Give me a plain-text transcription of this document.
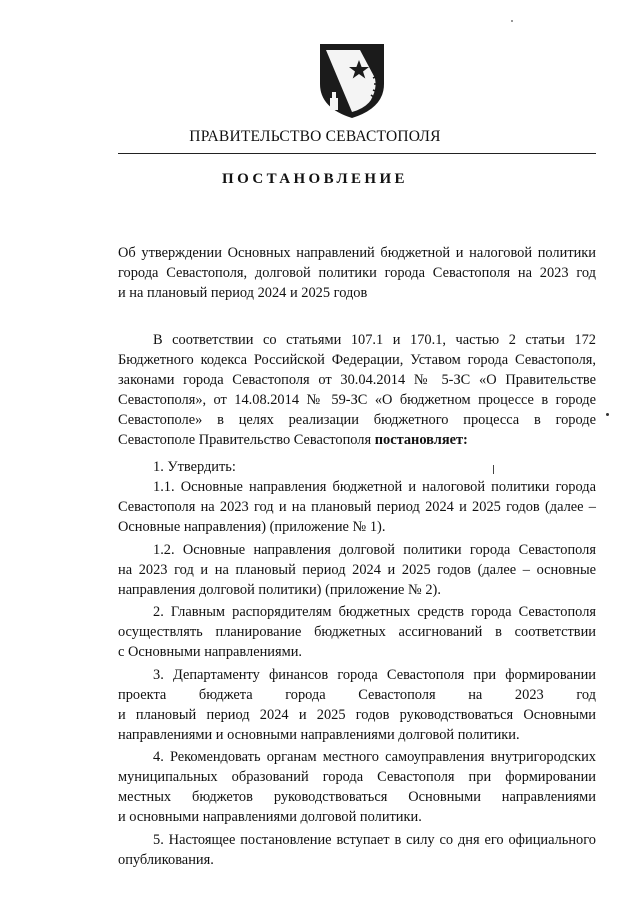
ПРАВИТЕЛЬСТВО СЕВАСТОПОЛЯ
ПОСТАНОВЛЕНИЕ

Об утверждении Основных направлений бюджетной и налоговой политики

города Севастополя, долговой политики города Севастополя на 2023 год

и на плановый период 2024 и 2025 годов

В соответствии со статьями 107.1 и 170.1, частью 2 статьи 172

Бюджетного кодекса Российской Федерации, Уставом города Севастополя,

законами города Севастополя от 30.04.2014 № 5-ЗС «О Правительстве

Севастополя», от 14.08.2014 № 59-ЗС «О бюджетном процессе в городе

Севастополе» в целях реализации бюджетного процесса в городе

Севастополе Правительство Севастополя постановляет:

1. Утвердить:

1.1. Основные направления бюджетной и налоговой политики города

Севастополя на 2023 год и на плановый период 2024 и 2025 годов (далее –

Основные направления) (приложение № 1).

1.2. Основные направления долговой политики города Севастополя

на 2023 год и на плановый период 2024 и 2025 годов (далее – основные

направления долговой политики) (приложение № 2).

2. Главным распорядителям бюджетных средств города Севастополя

осуществлять планирование бюджетных ассигнований в соответствии

с Основными направлениями.

3. Департаменту финансов города Севастополя при формировании

проекта бюджета города Севастополя на 2023 год

и плановый период 2024 и 2025 годов руководствоваться Основными

направлениями и основными направлениями долговой политики.

4. Рекомендовать органам местного самоуправления внутригородских

муниципальных образований города Севастополя при формировании

местных бюджетов руководствоваться Основными направлениями

и основными направлениями долговой политики.

5. Настоящее постановление вступает в силу со дня его официального

опубликования.
